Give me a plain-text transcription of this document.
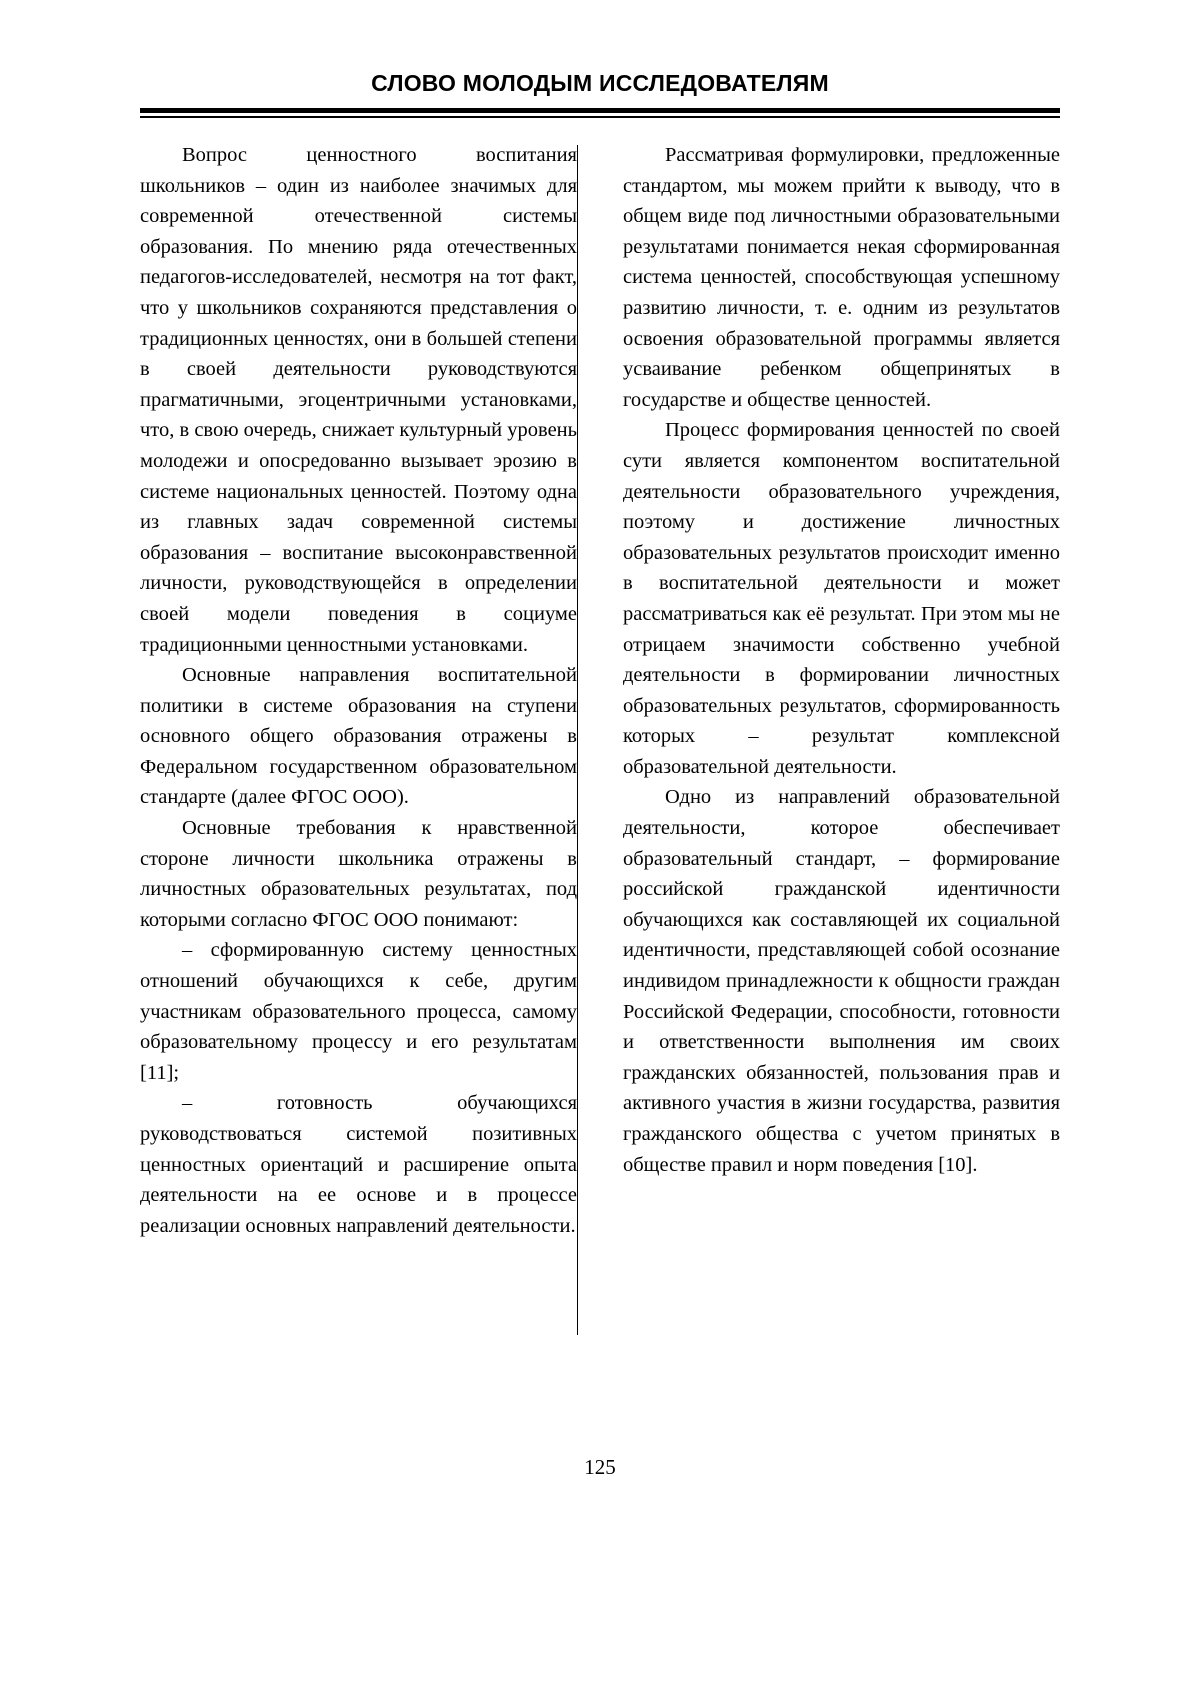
СЛОВО МОЛОДЫМ ИССЛЕДОВАТЕЛЯМ

Вопрос ценностного воспитания школьников – один из наиболее значимых для современной отечественной системы образования. По мнению ряда отечественных педагогов-исследователей, несмотря на тот факт, что у школьников сохраняются представления о традиционных ценностях, они в большей степени в своей деятельности руководствуются прагматичными, эгоцентричными установками, что, в свою очередь, снижает культурный уровень молодежи и опосредованно вызывает эрозию в системе национальных ценностей. Поэтому одна из главных задач современной системы образования – воспитание высоконравственной личности, руководствующейся в определении своей модели поведения в социуме традиционными ценностными установками.

Основные направления воспитательной политики в системе образования на ступени основного общего образования отражены в Федеральном государственном образовательном стандарте (далее ФГОС ООО).

Основные требования к нравственной стороне личности школьника отражены в личностных образовательных результатах, под которыми согласно ФГОС ООО понимают:

– сформированную систему ценностных отношений обучающихся к себе, другим участникам образовательного процесса, самому образовательному процессу и его результатам [11];

– готовность обучающихся руководствоваться системой позитивных ценностных ориентаций и расширение опыта деятельности на ее основе и в процессе реализации основных направлений деятельности.

Рассматривая формулировки, предложенные стандартом, мы можем прийти к выводу, что в общем виде под личностными образовательными результатами понимается некая сформированная система ценностей, способствующая успешному развитию личности, т. е. одним из результатов освоения образовательной программы является усваивание ребенком общепринятых в государстве и обществе ценностей.

Процесс формирования ценностей по своей сути является компонентом воспитательной деятельности образовательного учреждения, поэтому и достижение личностных образовательных результатов происходит именно в воспитательной деятельности и может рассматриваться как её результат. При этом мы не отрицаем значимости собственно учебной деятельности в формировании личностных образовательных результатов, сформированность которых – результат комплексной образовательной деятельности.

Одно из направлений образовательной деятельности, которое обеспечивает образовательный стандарт, – формирование российской гражданской идентичности обучающихся как составляющей их социальной идентичности, представляющей собой осознание индивидом принадлежности к общности граждан Российской Федерации, способности, готовности и ответственности выполнения им своих гражданских обязанностей, пользования прав и активного участия в жизни государства, развития гражданского общества с учетом принятых в обществе правил и норм поведения [10].

125
